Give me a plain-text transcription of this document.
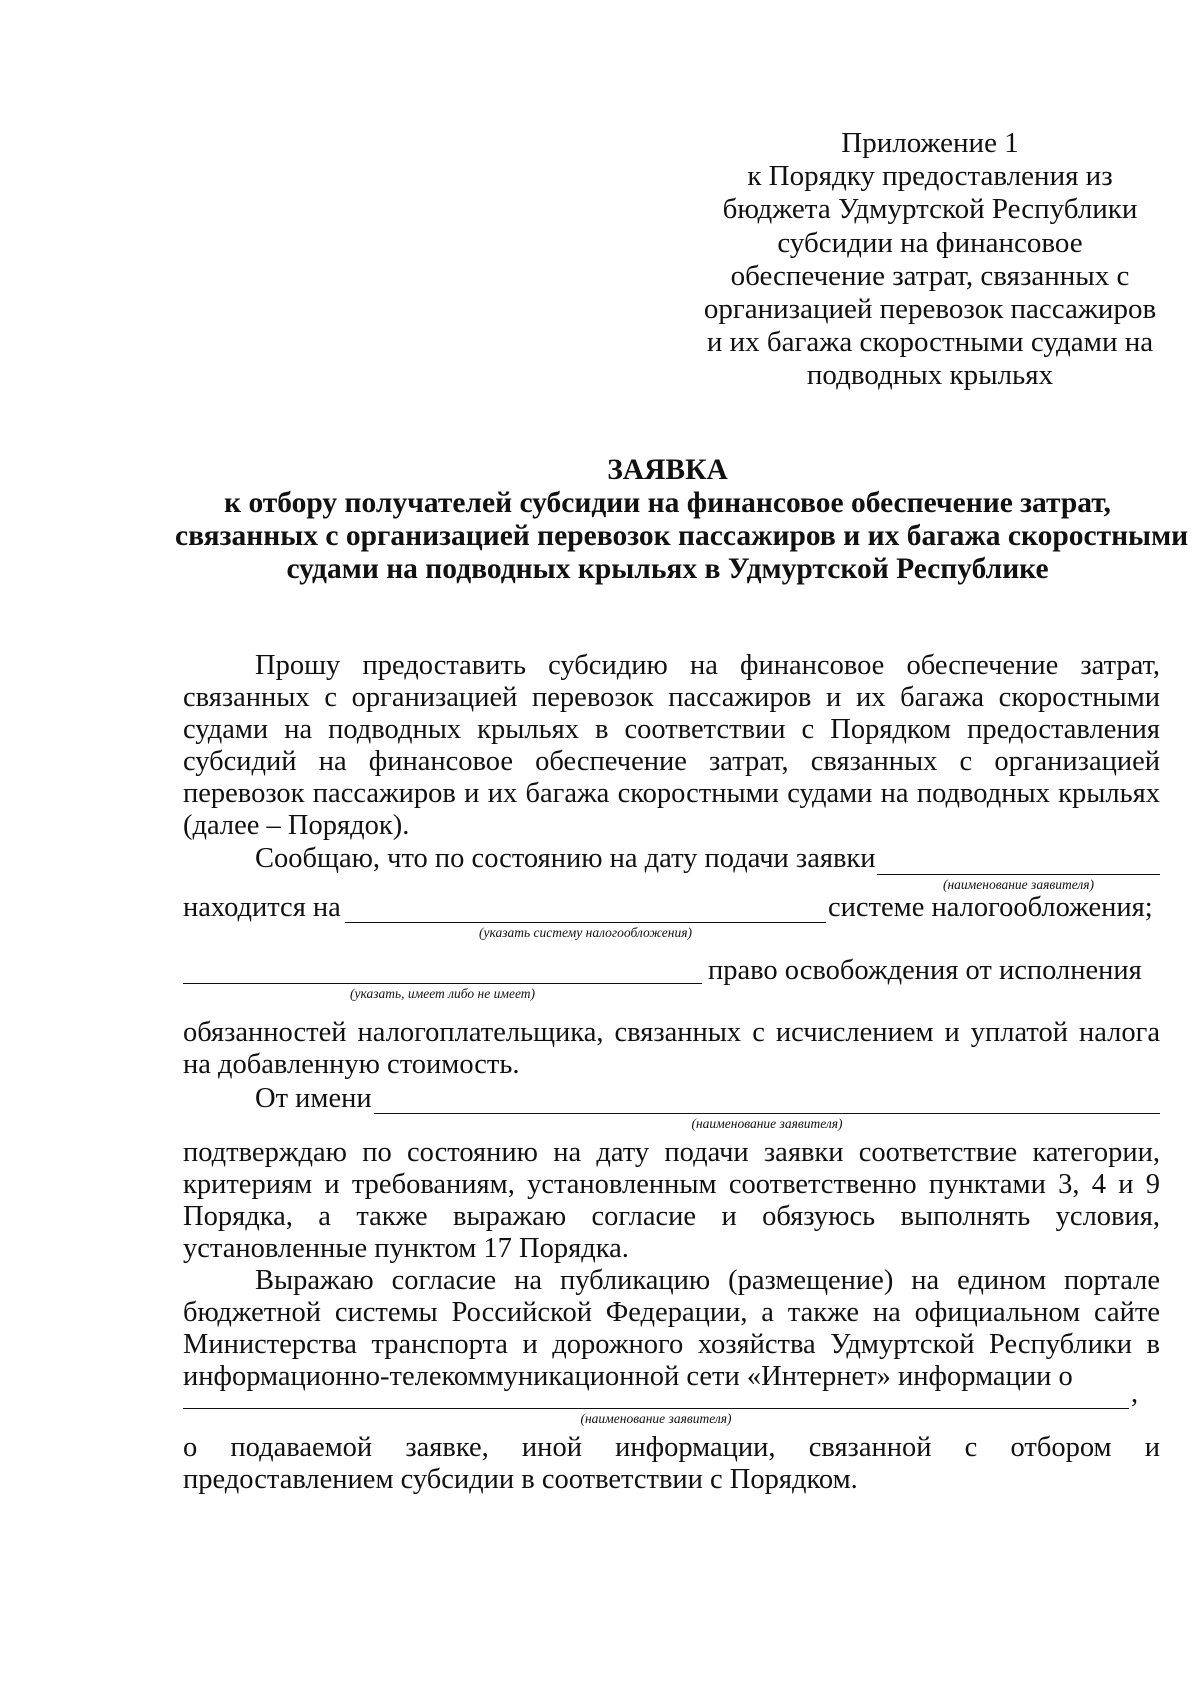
Приложение 1
к Порядку предоставления из
бюджета Удмуртской Республики
субсидии на финансовое
обеспечение затрат, связанных с
организацией перевозок пассажиров
и их багажа скоростными судами на
подводных крыльях
ЗАЯВКА
к отбору получателей субсидии на финансовое обеспечение затрат,
связанных с организацией перевозок пассажиров и их багажа скоростными
судами на подводных крыльях в Удмуртской Республике
Прошу предоставить субсидию на финансовое обеспечение затрат, связанных с организацией перевозок пассажиров и их багажа скоростными судами на подводных крыльях в соответствии с Порядком предоставления субсидий на финансовое обеспечение затрат, связанных с организацией перевозок пассажиров и их багажа скоростными судами на подводных крыльях (далее – Порядок).
Сообщаю, что по состоянию на дату подачи заявки
(наименование заявителя)
находится на	системе налогообложения;
(указать систему налогообложения)
право освобождения от исполнения
(указать, имеет либо не имеет)
обязанностей налогоплательщика, связанных с исчислением и уплатой налога на добавленную стоимость.
От имени
(наименование заявителя)
подтверждаю по состоянию на дату подачи заявки соответствие категории, критериям и требованиям, установленным соответственно пунктами 3, 4 и 9 Порядка, а также выражаю согласие и обязуюсь выполнять условия, установленные пунктом 17 Порядка.
Выражаю согласие на публикацию (размещение) на едином портале бюджетной системы Российской Федерации, а также на официальном сайте Министерства транспорта и дорожного хозяйства Удмуртской Республики в информационно-телекоммуникационной сети «Интернет» информации о
,
(наименование заявителя)
о подаваемой заявке, иной информации, связанной с отбором и предоставлением субсидии в соответствии с Порядком.
